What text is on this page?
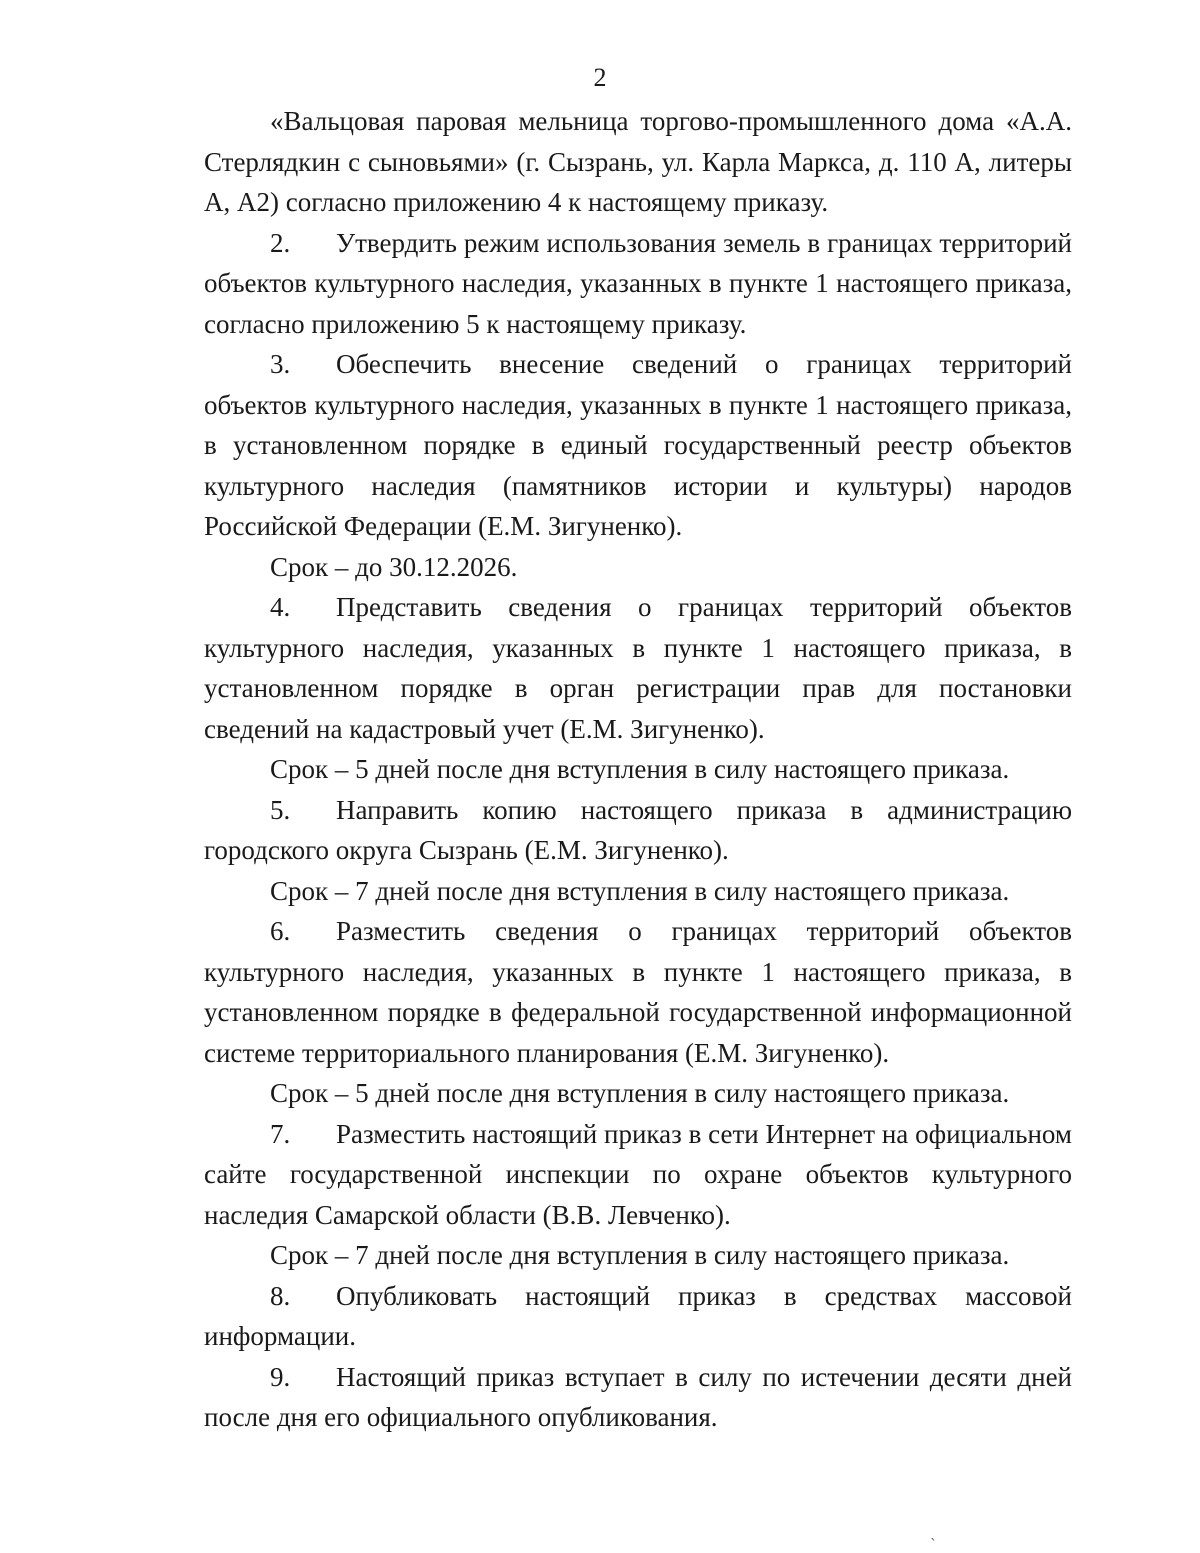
2

«Вальцовая паровая мельница торгово-промышленного дома «А.А. Стерлядкин с сыновьями» (г. Сызрань, ул. Карла Маркса, д. 110 А, литеры А, А2) согласно приложению 4 к настоящему приказу.

2. Утвердить режим использования земель в границах территорий объектов культурного наследия, указанных в пункте 1 настоящего приказа, согласно приложению 5 к настоящему приказу.

3. Обеспечить внесение сведений о границах территорий объектов культурного наследия, указанных в пункте 1 настоящего приказа, в установленном порядке в единый государственный реестр объектов культурного наследия (памятников истории и культуры) народов Российской Федерации (Е.М. Зигуненко).

Срок – до 30.12.2026.

4. Представить сведения о границах территорий объектов культурного наследия, указанных в пункте 1 настоящего приказа, в установленном порядке в орган регистрации прав для постановки сведений на кадастровый учет (Е.М. Зигуненко).

Срок – 5 дней после дня вступления в силу настоящего приказа.

5. Направить копию настоящего приказа в администрацию городского округа Сызрань (Е.М. Зигуненко).

Срок – 7 дней после дня вступления в силу настоящего приказа.

6. Разместить сведения о границах территорий объектов культурного наследия, указанных в пункте 1 настоящего приказа, в установленном порядке в федеральной государственной информационной системе территориального планирования (Е.М. Зигуненко).

Срок – 5 дней после дня вступления в силу настоящего приказа.

7. Разместить настоящий приказ в сети Интернет на официальном сайте государственной инспекции по охране объектов культурного наследия Самарской области (В.В. Левченко).

Срок – 7 дней после дня вступления в силу настоящего приказа.

8. Опубликовать настоящий приказ в средствах массовой информации.

9. Настоящий приказ вступает в силу по истечении десяти дней после дня его официального опубликования.

ˎ
